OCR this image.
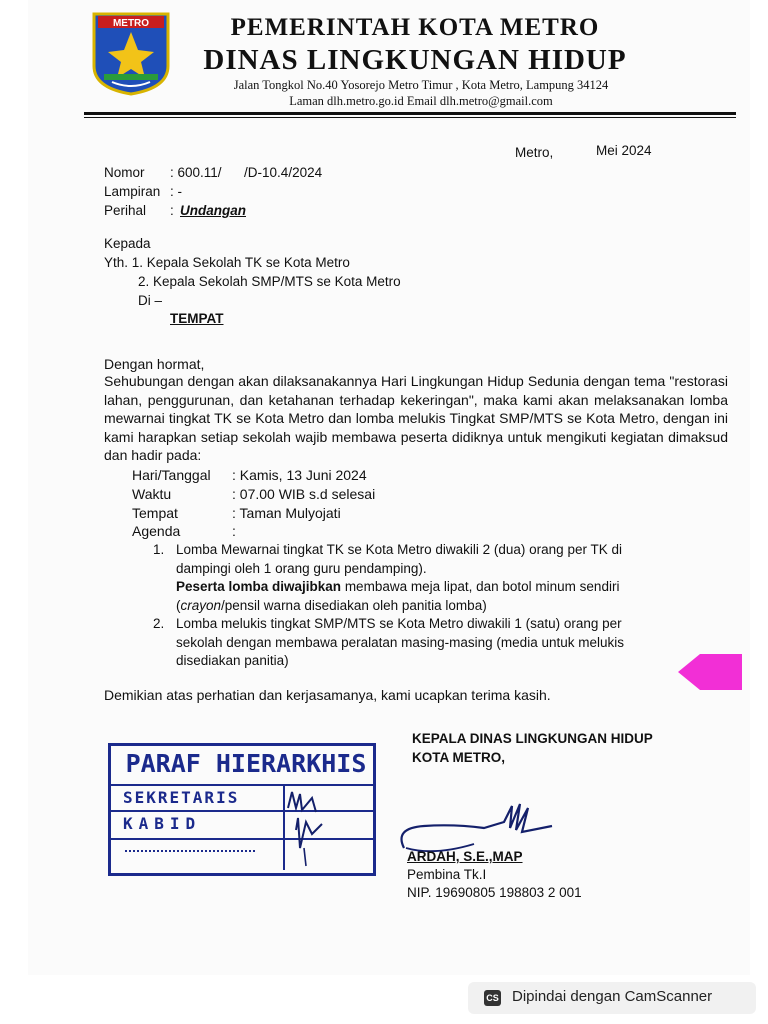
METRO	PEMERINTAH KOTA METRO
DINAS LINGKUNGAN HIDUP
Jalan Tongkol No.40 Yosorejo Metro Timur , Kota Metro, Lampung 34124
Laman dlh.metro.go.id Email dlh.metro@gmail.com
Metro,	Mei 2024
Nomor : 600.11/      /D-10.4/2024
Lampiran : -
Perihal : Undangan
Kepada
Yth. 1. Kepala Sekolah TK se Kota Metro
2. Kepala Sekolah SMP/MTS se Kota Metro
Di –
TEMPAT
Dengan hormat,
Sehubungan dengan akan dilaksanakannya Hari Lingkungan Hidup Sedunia dengan tema "restorasi lahan, penggurunan, dan ketahanan terhadap kekeringan", maka kami akan melaksanakan lomba mewarnai tingkat TK se Kota Metro dan lomba melukis Tingkat SMP/MTS se Kota Metro, dengan ini kami harapkan setiap sekolah wajib membawa peserta didiknya untuk mengikuti kegiatan dimaksud dan hadir pada:
Hari/Tanggal : Kamis, 13 Juni 2024
Waktu	: 07.00 WIB s.d selesai
Tempat	: Taman Mulyojati
Agenda	:
1. Lomba Mewarnai tingkat TK se Kota Metro diwakili 2 (dua) orang per TK di
dampingi oleh 1 orang guru pendamping).
Peserta lomba diwajibkan membawa meja lipat, dan botol minum sendiri
(crayon/pensil warna disediakan oleh panitia lomba)
2. Lomba melukis tingkat SMP/MTS se Kota Metro diwakili 1 (satu) orang per
sekolah dengan membawa peralatan masing-masing (media untuk melukis
disediakan panitia)
Demikian atas perhatian dan kerjasamanya, kami ucapkan terima kasih.
KEPALA DINAS LINGKUNGAN HIDUP
KOTA METRO,
ARDAH, S.E.,MAP
Pembina Tk.I
NIP. 19690805 198803 2 001
PARAF HIERARKHIS
SEKRETARIS
KABID
CS Dipindai dengan CamScanner
